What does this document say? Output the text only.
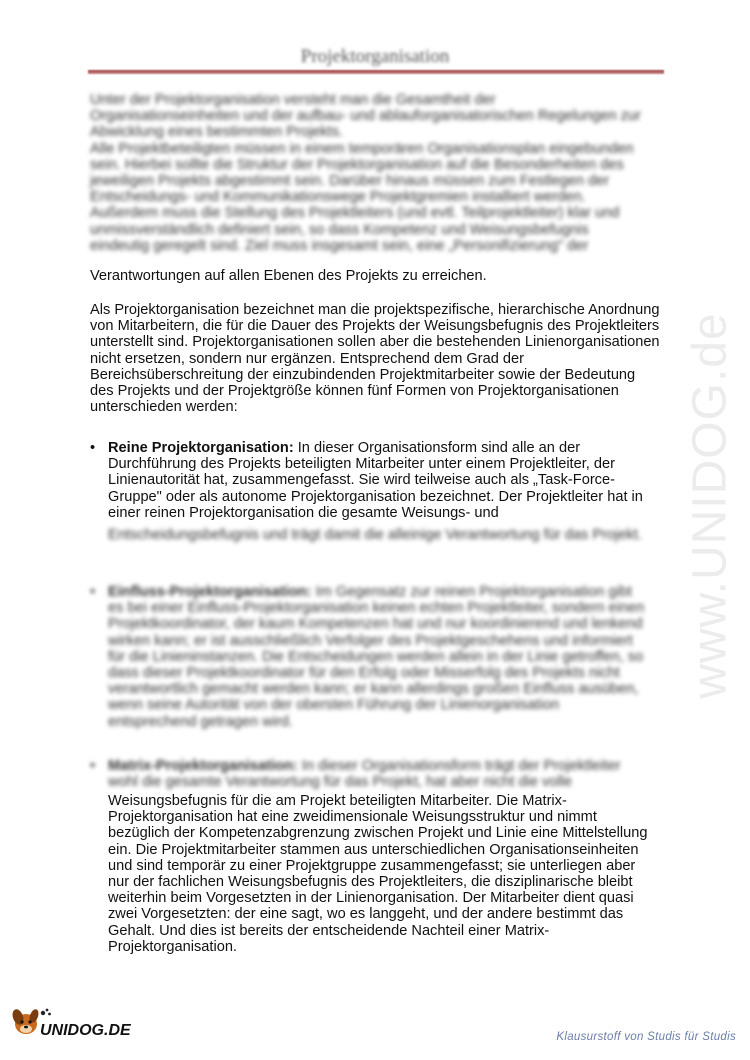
Projektorganisation
Unter der Projektorganisation versteht man die Gesamtheit der
Organisationseinheiten und der aufbau- und ablauforganisatorischen Regelungen zur
Abwicklung eines bestimmten Projekts.
Alle Projektbeteiligten müssen in einem temporären Organisationsplan eingebunden
sein. Hierbei sollte die Struktur der Projektorganisation auf die Besonderheiten des
jeweiligen Projekts abgestimmt sein. Darüber hinaus müssen zum Festlegen der
Entscheidungs- und Kommunikationswege Projektgremien installiert werden.
Außerdem muss die Stellung des Projektleiters (und evtl. Teilprojektleiter) klar und
unmissverständlich definiert sein, so dass Kompetenz und Weisungsbefugnis
eindeutig geregelt sind. Ziel muss insgesamt sein, eine „Personifizierung" der
Verantwortungen auf allen Ebenen des Projekts zu erreichen.
Als Projektorganisation bezeichnet man die projektspezifische, hierarchische Anordnung von Mitarbeitern, die für die Dauer des Projekts der Weisungsbefugnis des Projektleiters unterstellt sind. Projektorganisationen sollen aber die bestehenden Linienorganisationen nicht ersetzen, sondern nur ergänzen. Entsprechend dem Grad der Bereichsüberschreitung der einzubindenden Projektmitarbeiter sowie der Bedeutung des Projekts und der Projektgröße können fünf Formen von Projektorganisationen unterschieden werden:
• Reine Projektorganisation: In dieser Organisationsform sind alle an der Durchführung des Projekts beteiligten Mitarbeiter unter einem Projektleiter, der Linienautorität hat, zusammengefasst. Sie wird teilweise auch als „Task-Force-Gruppe" oder als autonome Projektorganisation bezeichnet. Der Projektleiter hat in einer reinen Projektorganisation die gesamte Weisungs- und
Entscheidungsbefugnis und trägt damit die alleinige Verantwortung für das Projekt.
• Einfluss-Projektorganisation: Im Gegensatz zur reinen Projektorganisation gibt es bei einer Einfluss-Projektorganisation keinen echten Projektleiter, sondern einen Projektkoordinator, der kaum Kompetenzen hat und nur koordinierend und lenkend wirken kann; er ist ausschließlich Verfolger des Projektgeschehens und informiert für die Linieninstanzen. Die Entscheidungen werden allein in der Linie getroffen, so dass dieser Projektkoordinator für den Erfolg oder Misserfolg des Projekts nicht verantwortlich gemacht werden kann; er kann allerdings großen Einfluss ausüben, wenn seine Autorität von der obersten Führung der Linienorganisation entsprechend getragen wird.
• Matrix-Projektorganisation: In dieser Organisationsform trägt der Projektleiter wohl die gesamte Verantwortung für das Projekt, hat aber nicht die volle
Weisungsbefugnis für die am Projekt beteiligten Mitarbeiter. Die Matrix-Projektorganisation hat eine zweidimensionale Weisungsstruktur und nimmt bezüglich der Kompetenzabgrenzung zwischen Projekt und Linie eine Mittelstellung ein. Die Projektmitarbeiter stammen aus unterschiedlichen Organisationseinheiten und sind temporär zu einer Projektgruppe zusammengefasst; sie unterliegen aber nur der fachlichen Weisungsbefugnis des Projektleiters, die disziplinarische bleibt weiterhin beim Vorgesetzten in der Linienorganisation. Der Mitarbeiter dient quasi zwei Vorgesetzten: der eine sagt, wo es langgeht, und der andere bestimmt das Gehalt. Und dies ist bereits der entscheidende Nachteil einer Matrix-Projektorganisation.
www.UNIDOG.de
UNIDOG.DE	Klausurstoff von Studis für Studis
